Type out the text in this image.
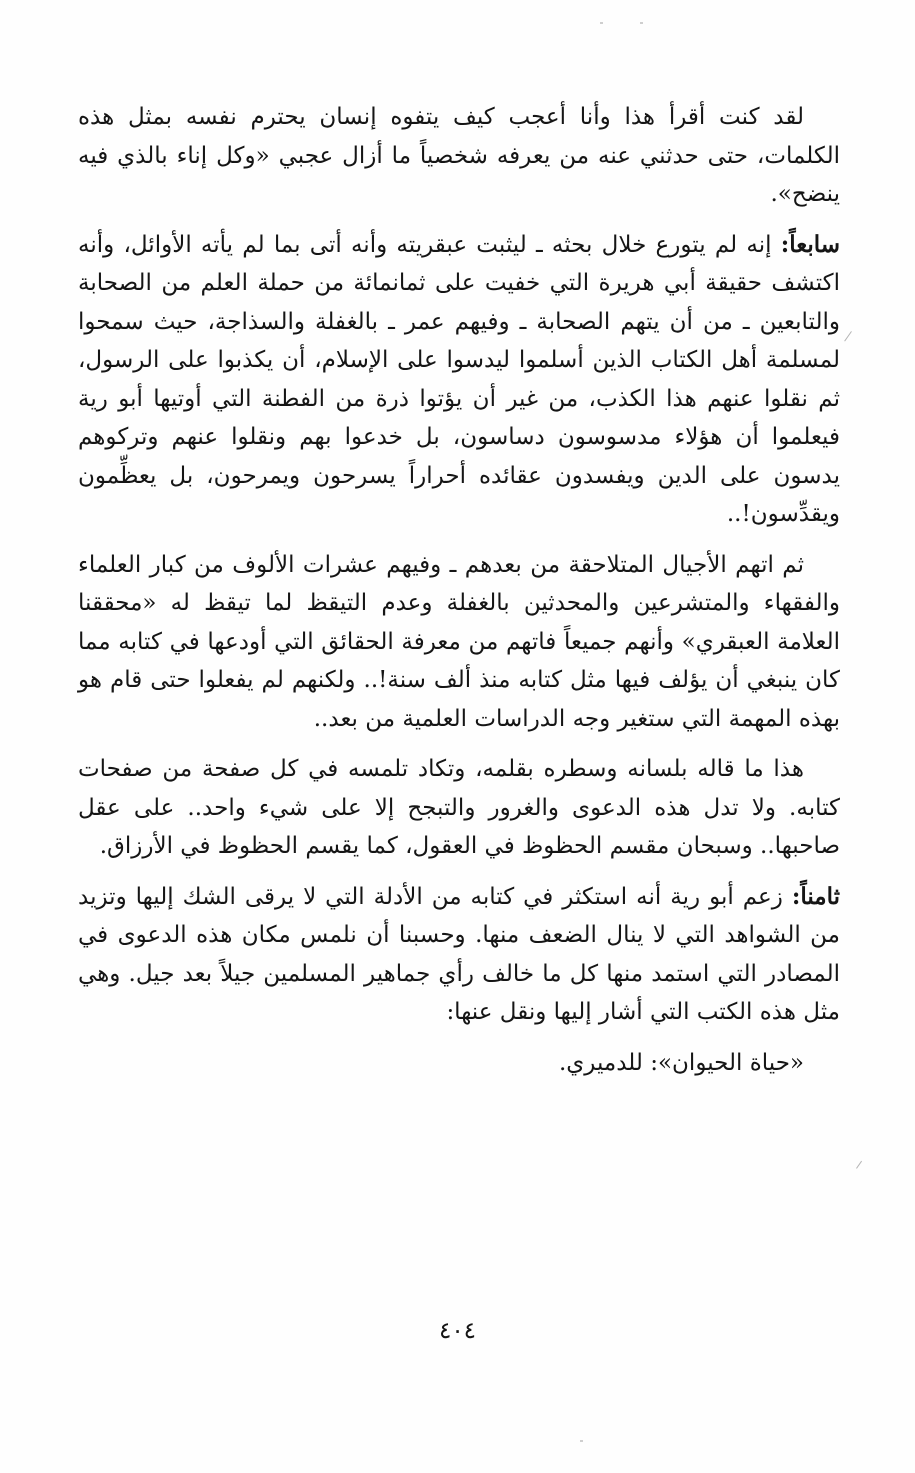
لقد كنت أقرأ هذا وأنا أعجب كيف يتفوه إنسان يحترم نفسه بمثل هذه الكلمات، حتى حدثني عنه من يعرفه شخصياً ما أزال عجبي «وكل إناء بالذي فيه ينضح».

سابعاً: إنه لم يتورع خلال بحثه ـ ليثبت عبقريته وأنه أتى بما لم يأته الأوائل، وأنه اكتشف حقيقة أبي هريرة التي خفيت على ثمانمائة من حملة العلم من الصحابة والتابعين ـ من أن يتهم الصحابة ـ وفيهم عمر ـ بالغفلة والسذاجة، حيث سمحوا لمسلمة أهل الكتاب الذين أسلموا ليدسوا على الإسلام، أن يكذبوا على الرسول، ثم نقلوا عنهم هذا الكذب، من غير أن يؤتوا ذرة من الفطنة التي أوتيها أبو رية فيعلموا أن هؤلاء مدسوسون دساسون، بل خدعوا بهم ونقلوا عنهم وتركوهم يدسون على الدين ويفسدون عقائده أحراراً يسرحون ويمرحون، بل يعظِّمون ويقدِّسون!..

ثم اتهم الأجيال المتلاحقة من بعدهم ـ وفيهم عشرات الألوف من كبار العلماء والفقهاء والمتشرعين والمحدثين بالغفلة وعدم التيقظ لما تيقظ له «محققنا العلامة العبقري» وأنهم جميعاً فاتهم من معرفة الحقائق التي أودعها في كتابه مما كان ينبغي أن يؤلف فيها مثل كتابه منذ ألف سنة!.. ولكنهم لم يفعلوا حتى قام هو بهذه المهمة التي ستغير وجه الدراسات العلمية من بعد..

هذا ما قاله بلسانه وسطره بقلمه، وتكاد تلمسه في كل صفحة من صفحات كتابه. ولا تدل هذه الدعوى والغرور والتبجح إلا على شيء واحد.. على عقل صاحبها.. وسبحان مقسم الحظوظ في العقول، كما يقسم الحظوظ في الأرزاق.

ثامناً: زعم أبو رية أنه استكثر في كتابه من الأدلة التي لا يرقى الشك إليها وتزيد من الشواهد التي لا ينال الضعف منها. وحسبنا أن نلمس مكان هذه الدعوى في المصادر التي استمد منها كل ما خالف رأي جماهير المسلمين جيلاً بعد جيل. وهي مثل هذه الكتب التي أشار إليها ونقل عنها:

«حياة الحيوان»: للدميري.

٤٠٤
